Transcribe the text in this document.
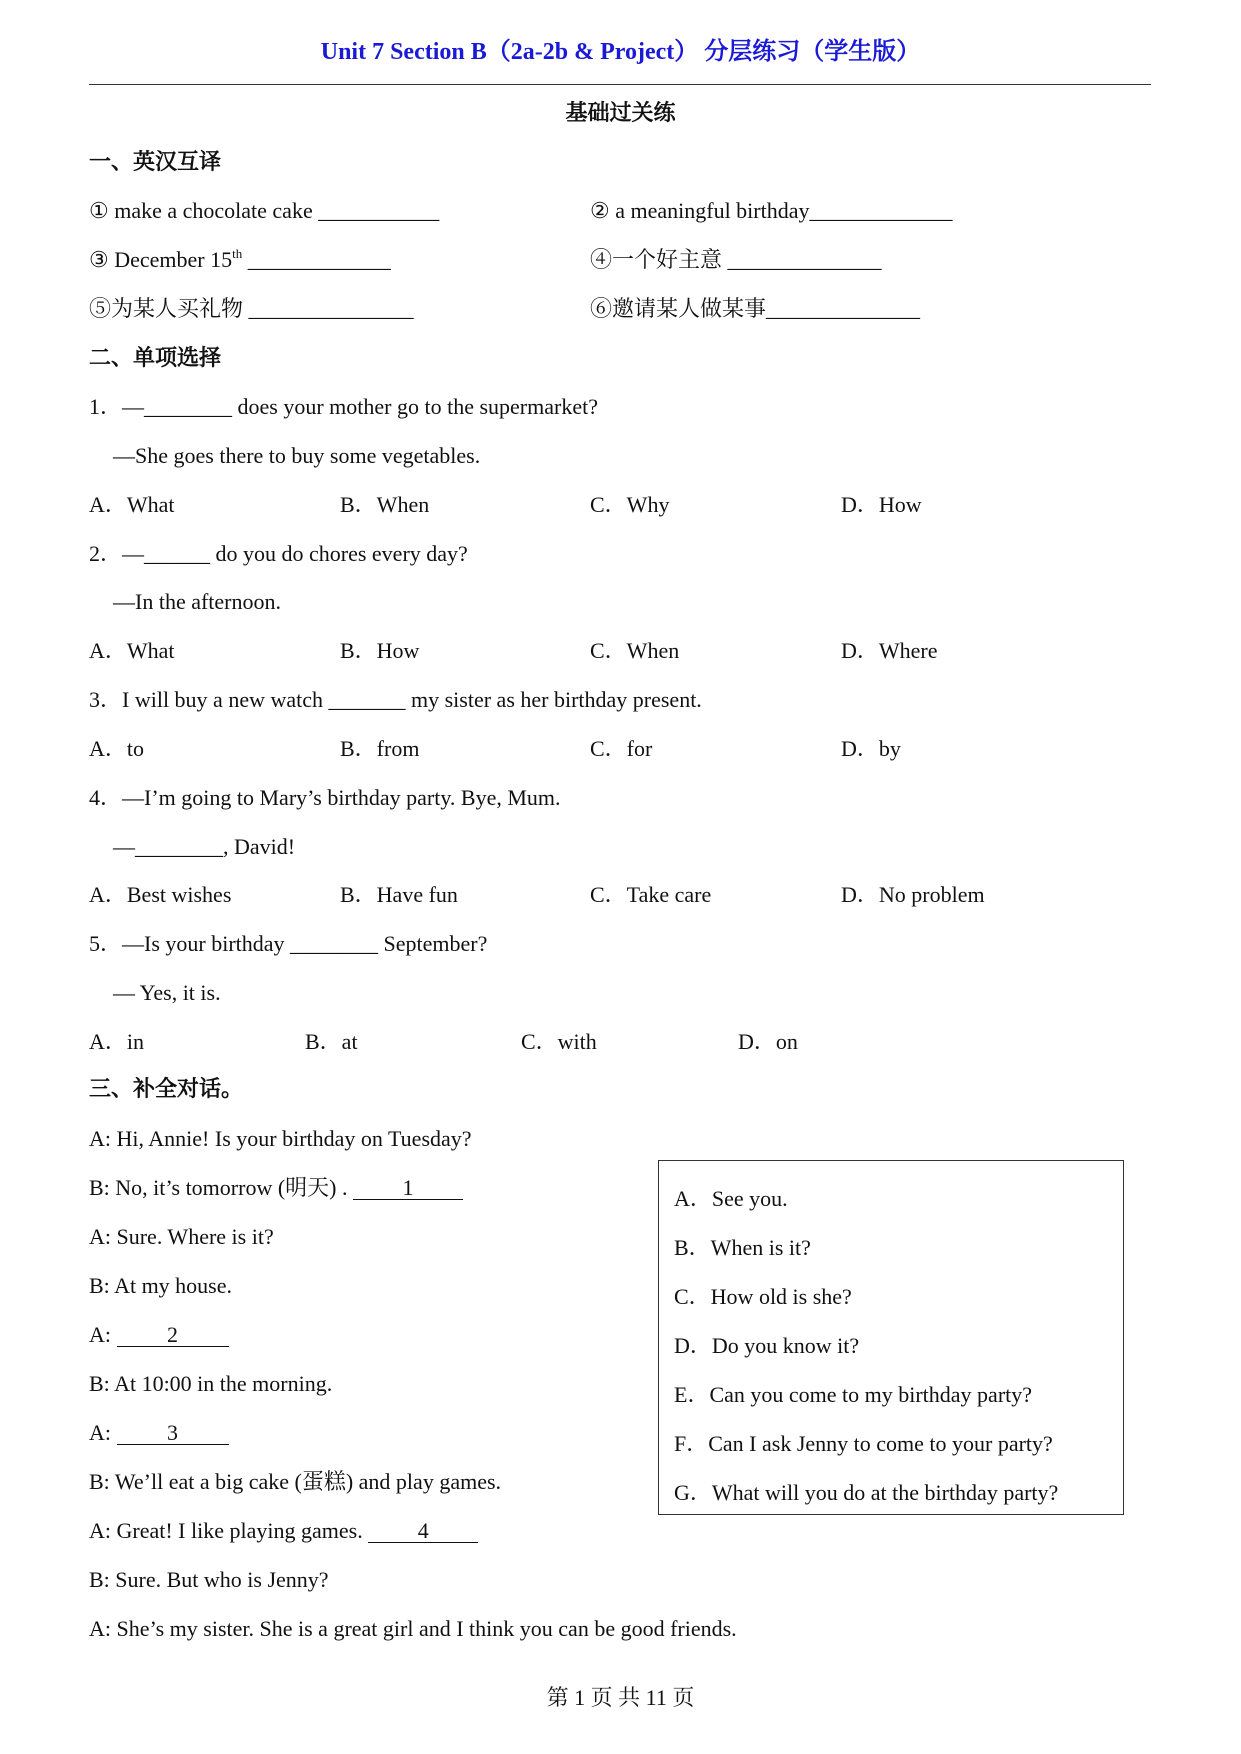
Unit 7 Section B（2a-2b & Project） 分层练习（学生版）
基础过关练
一、英汉互译
① make a chocolate cake ___________	② a meaningful birthday_____________
③ December 15th _____________	④一个好主意 ______________
⑤为某人买礼物 _______________	⑥邀请某人做某事______________
二、单项选择
1．—________ does your mother go to the supermarket?
—She goes there to buy some vegetables.
A．What	B．When	C．Why	D．How
2．—______ do you do chores every day?
—In the afternoon.
A．What	B．How	C．When	D．Where
3．I will buy a new watch _______ my sister as her birthday present.
A．to	B．from	C．for	D．by
4．—I’m going to Mary’s birthday party. Bye, Mum.
—________, David!
A．Best wishes	B．Have fun	C．Take care	D．No problem
5．—Is your birthday ________ September?
— Yes, it is.
A．in	B．at	C．with	D．on
三、补全对话。
A: Hi, Annie! Is your birthday on Tuesday?
B: No, it’s tomorrow (明天) . 1
A: Sure. Where is it?
B: At my house.
A: 2
B: At 10:00 in the morning.
A: 3
B: We’ll eat a big cake (蛋糕) and play games.
A: Great! I like playing games. 4
B: Sure. But who is Jenny?
A: She’s my sister. She is a great girl and I think you can be good friends.
A．See you.
B．When is it?
C．How old is she?
D．Do you know it?
E．Can you come to my birthday party?
F．Can I ask Jenny to come to your party?
G．What will you do at the birthday party?
第 1 页 共 11 页
